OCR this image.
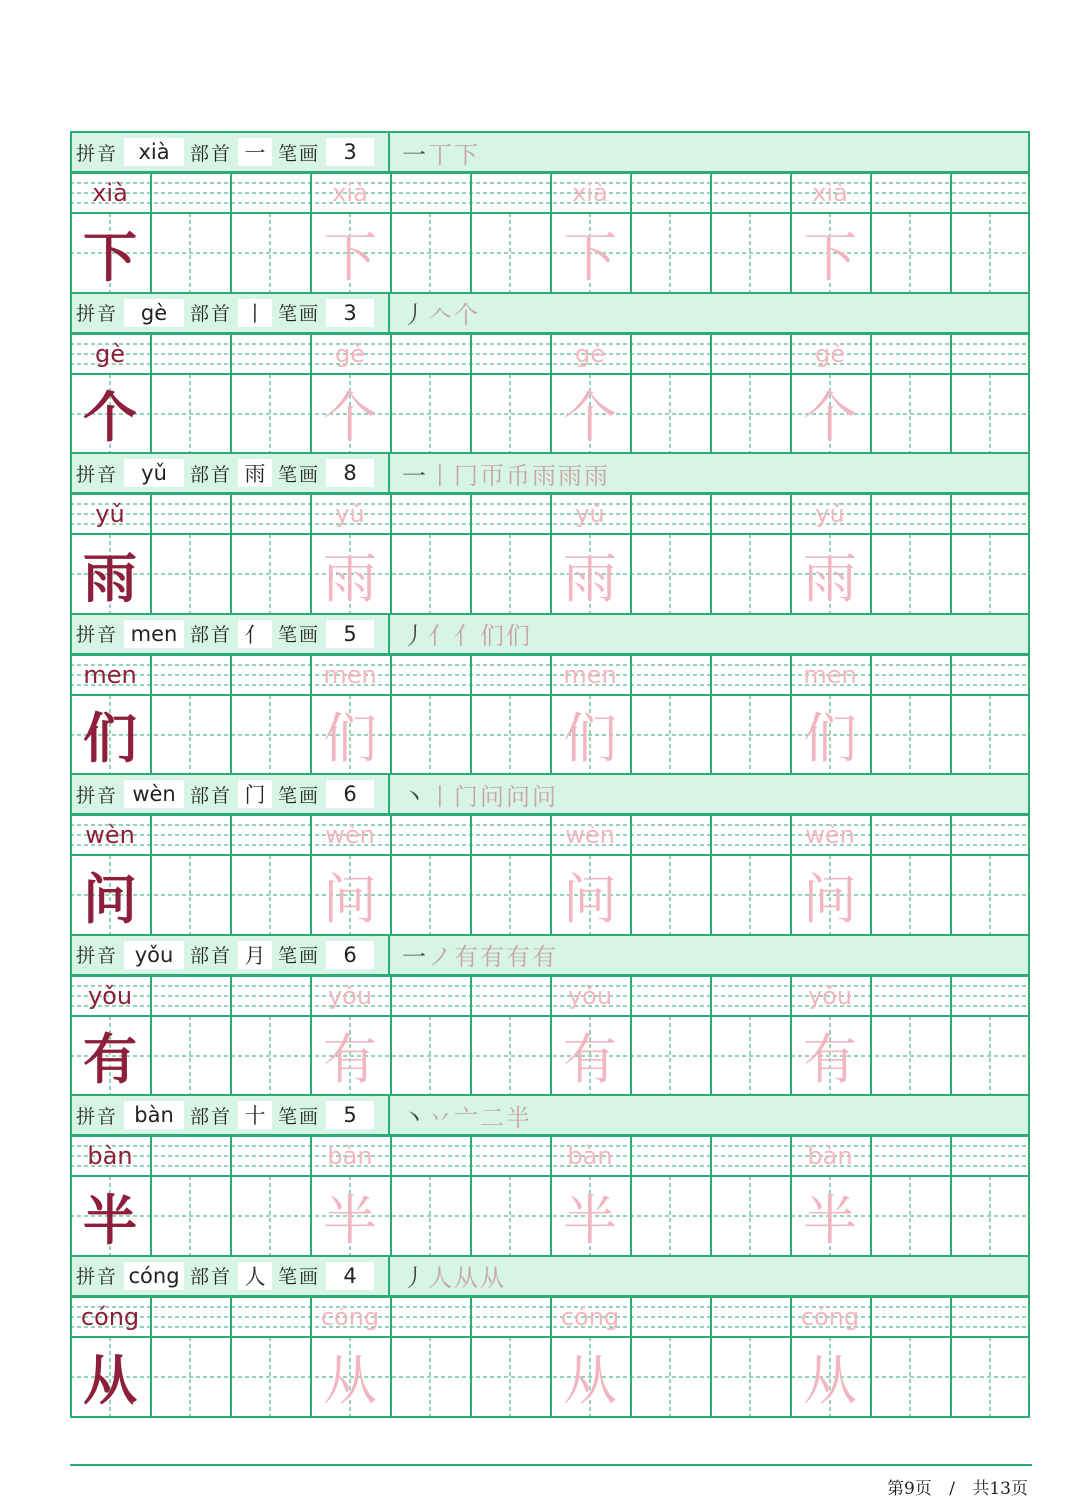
拼音 xià	部首 一 笔画	3	一 丅 下
xià
下
xià
下
xià
下
xià
下
拼音	gè	部首 丨 笔画	3	丿 𠆢 个
gè
个
gè
个
gè
个
gè
个
拼音	yǔ	部首 雨 笔画	8	一 丨 冂 帀 币 雨 雨 雨
yǔ
雨
yǔ
雨
yǔ
雨
yǔ
雨
拼音 men 部首 亻 笔画	5	丿 亻 亻 们 们
men
们
men
们
men
们
men
们
拼音 wèn 部首 门 笔画	6	丶 丨 门 问 问 问
wèn
问
wèn
问
wèn
问
wèn
问
拼音 yǒu 部首 月 笔画	6	一 ノ 有 有 有 有
yǒu
有
yǒu
有
yǒu
有
yǒu
有
拼音 bàn 部首 十 笔画	5	丶 丷 亠 二 半
bàn
半
bàn
半
bàn
半
bàn
半
拼音 cóng 部首 人 笔画	4	丿 人 从 从
cóng
从
cóng
从
cóng
从
cóng
从
第9页 / 共13页
